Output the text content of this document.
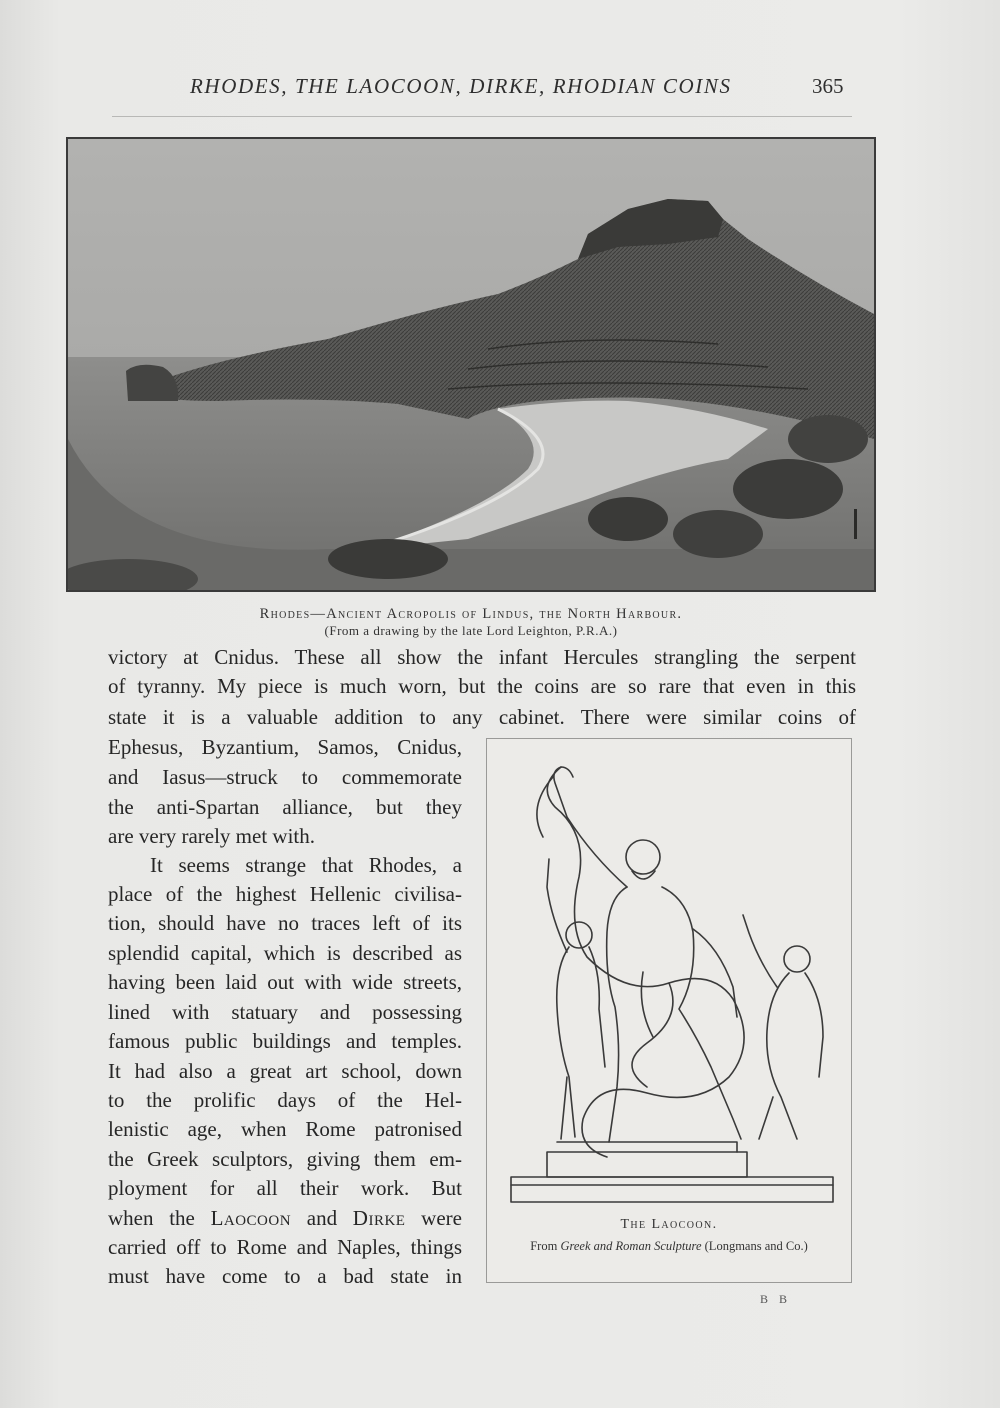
RHODES, THE LAOCOON, DIRKE, RHODIAN COINS	365
Rhodes—Ancient Acropolis of Lindus, the North Harbour.
(From a drawing by the late Lord Leighton, P.R.A.)
victory at Cnidus. These all show the infant Hercules strangling the serpent
of tyranny. My piece is much worn, but the coins are so rare that even in this
state it is a valuable addition to any cabinet. There were similar coins of
Ephesus, Byzantium, Samos, Cnidus,
and Iasus—struck to commemorate
the anti-Spartan alliance, but they
are very rarely met with.
It seems strange that Rhodes, a
place of the highest Hellenic civilisa-
tion, should have no traces left of its
splendid capital, which is described as
having been laid out with wide streets,
lined with statuary and possessing
famous public buildings and temples.
It had also a great art school, down
to the prolific days of the Hel-
lenistic age, when Rome patronised
the Greek sculptors, giving them em-
ployment for all their work. But
when the Laocoon and Dirke were
carried off to Rome and Naples, things
must have come to a bad state in
The Laocoon.
From Greek and Roman Sculpture (Longmans and Co.)
B B
